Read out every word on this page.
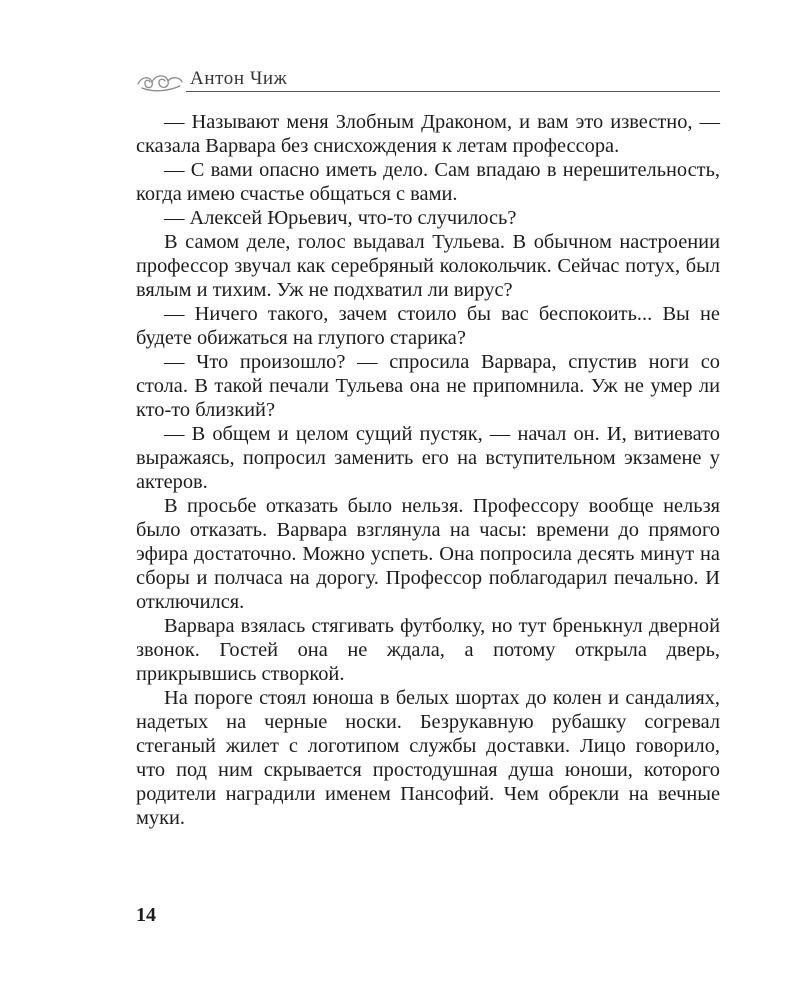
Антон Чиж

— Называют меня Злобным Драконом, и вам это известно, — сказала Варвара без снисхождения к летам профессора.

— С вами опасно иметь дело. Сам впадаю в нерешительность, когда имею счастье общаться с вами.

— Алексей Юрьевич, что-то случилось?

В самом деле, голос выдавал Тульева. В обычном настроении профессор звучал как серебряный колокольчик. Сейчас потух, был вялым и тихим. Уж не подхватил ли вирус?

— Ничего такого, зачем стоило бы вас беспокоить... Вы не будете обижаться на глупого старика?

— Что произошло? — спросила Варвара, спустив ноги со стола. В такой печали Тульева она не припомнила. Уж не умер ли кто-то близкий?

— В общем и целом сущий пустяк, — начал он. И, витиевато выражаясь, попросил заменить его на вступительном экзамене у актеров.

В просьбе отказать было нельзя. Профессору вообще нельзя было отказать. Варвара взглянула на часы: времени до прямого эфира достаточно. Можно успеть. Она попросила десять минут на сборы и полчаса на дорогу. Профессор поблагодарил печально. И отключился.

Варвара взялась стягивать футболку, но тут бренькнул дверной звонок. Гостей она не ждала, а потому открыла дверь, прикрывшись створкой.

На пороге стоял юноша в белых шортах до колен и сандалиях, надетых на черные носки. Безрукавную рубашку согревал стеганый жилет с логотипом службы доставки. Лицо говорило, что под ним скрывается простодушная душа юноши, которого родители наградили именем Пансофий. Чем обрекли на вечные муки.

14
